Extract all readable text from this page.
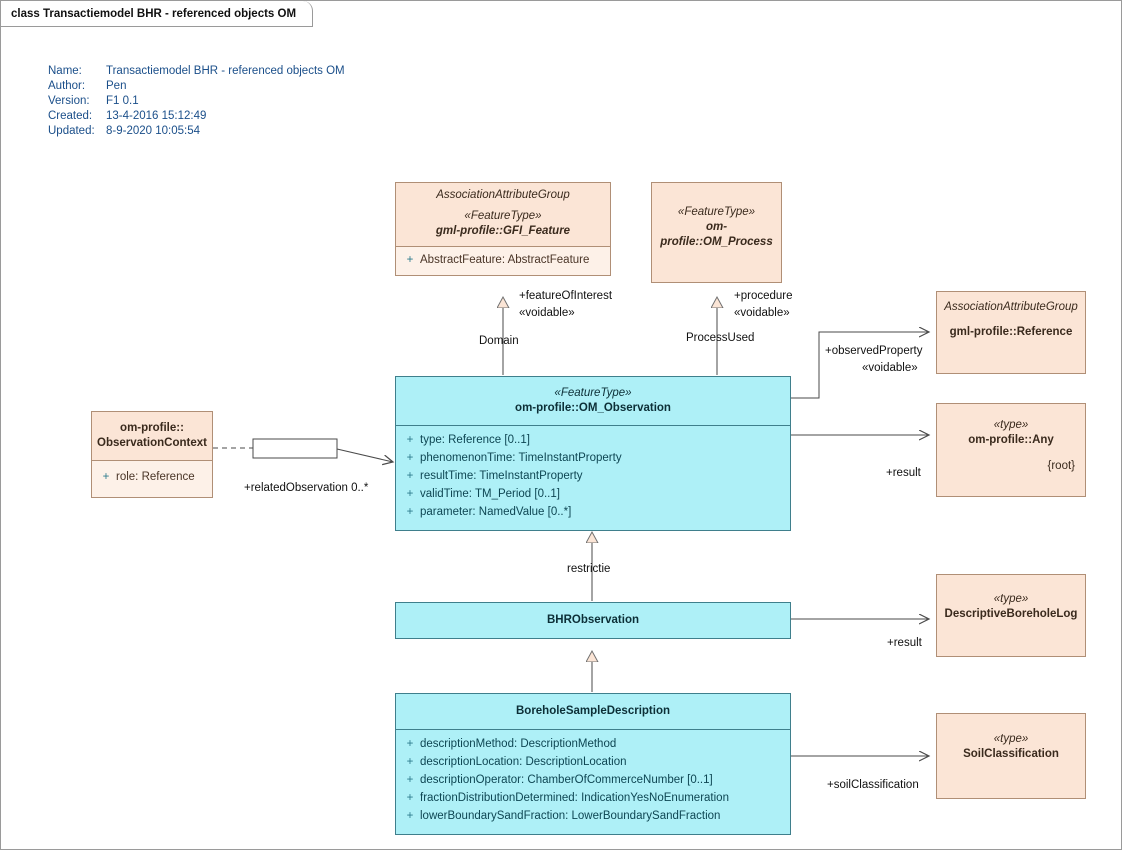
class Transactiemodel BHR - referenced objects OM
Name:	Transactiemodel BHR - referenced objects OM
Author:	Pen
Version:	F1 0.1
Created:	13-4-2016 15:12:49
Updated:	8-9-2020 10:05:54
+featureOfInterest
«voidable»
Domain
+procedure
«voidable»
ProcessUsed
+observedProperty
«voidable»
+result
+relatedObservation 0..*
restrictie
+result
+soilClassification
AssociationAttributeGroup
«FeatureType»
gml-profile::GFI_Feature
+ AbstractFeature: AbstractFeature
«FeatureType»
om-profile::OM_Process
AssociationAttributeGroup
gml-profile::Reference
«type»
om-profile::Any
{root}
«FeatureType»
om-profile::OM_Observation
+ type: Reference [0..1]
+ phenomenonTime: TimeInstantProperty
+ resultTime: TimeInstantProperty
+ validTime: TM_Period [0..1]
+ parameter: NamedValue [0..*]
om-profile::
ObservationContext
+ role: Reference
BHRObservation
«type»
DescriptiveBoreholeLog
BoreholeSampleDescription
+ descriptionMethod: DescriptionMethod
+ descriptionLocation: DescriptionLocation
+ descriptionOperator: ChamberOfCommerceNumber [0..1]
+ fractionDistributionDetermined: IndicationYesNoEnumeration
+ lowerBoundarySandFraction: LowerBoundarySandFraction
«type»
SoilClassification
